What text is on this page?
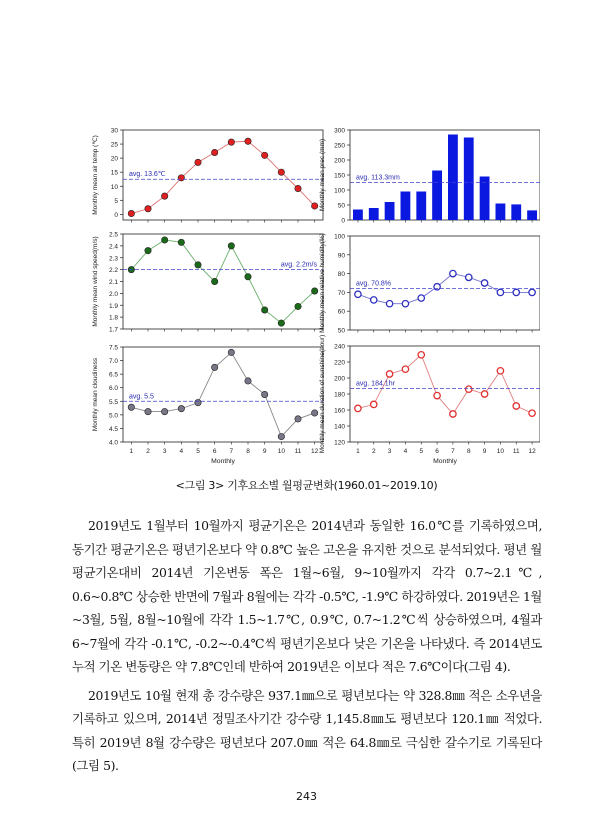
0
5
10
15
20
25
30
Monthly mean air temp (℃)	avg. 13.6℃
0
50
100
150
200
250
300
Monthly mean prec.(mm)	avg. 113.3mm
1.7
1.8
1.9
2.0
2.1
2.2
2.3
2.4
2.5
Monthly mean wind speed(m/s)	avg. 2.2m/s
50
60
70
80
90
100
Monthly mean relative humidity(%)	avg. 70.8%
4.0
4.5
5.0
5.5
6.0
6.5
7.0
7.5
Monthly mean cloudiness
1 2 3 4 5 6 7 8 9 10 11 12
Monthly
avg. 5.5
120
140
160
180
200
220
240
Monthly mean duration of sunshine(hour)	1 2 3 4 5 6 7 8 9 10 11 12
Monthly
avg. 184.1hr
<그림 3> 기후요소별 월평균변화(1960.01~2019.10)

2019년도 1월부터 10월까지 평균기온은 2014년과 동일한 16.0℃를 기록하였으며, 동기간 평균기온은 평년기온보다 약 0.8℃ 높은 고온을 유지한 것으로 분석되었다. 평년 월평균기온대비 2014년 기온변동 폭은 1월~6월, 9~10월까지 각각 0.7~2.1℃, 0.6~0.8℃ 상승한 반면에 7월과 8월에는 각각 -0.5℃, -1.9℃ 하강하였다. 2019년은 1월~3월, 5월, 8월~10월에 각각 1.5~1.7℃, 0.9℃, 0.7~1.2℃씩 상승하였으며, 4월과 6~7월에 각각 -0.1℃, -0.2~-0.4℃씩 평년기온보다 낮은 기온을 나타냈다. 즉 2014년도 누적 기온 변동량은 약 7.8℃인데 반하여 2019년은 이보다 적은 7.6℃이다(그림 4).

2019년도 10월 현재 총 강수량은 937.1㎜으로 평년보다는 약 328.8㎜ 적은 소우년을 기록하고 있으며, 2014년 정밀조사기간 강수량 1,145.8㎜도 평년보다 120.1㎜ 적었다. 특히 2019년 8월 강수량은 평년보다 207.0㎜ 적은 64.8㎜로 극심한 갈수기로 기록된다(그림 5).

243
